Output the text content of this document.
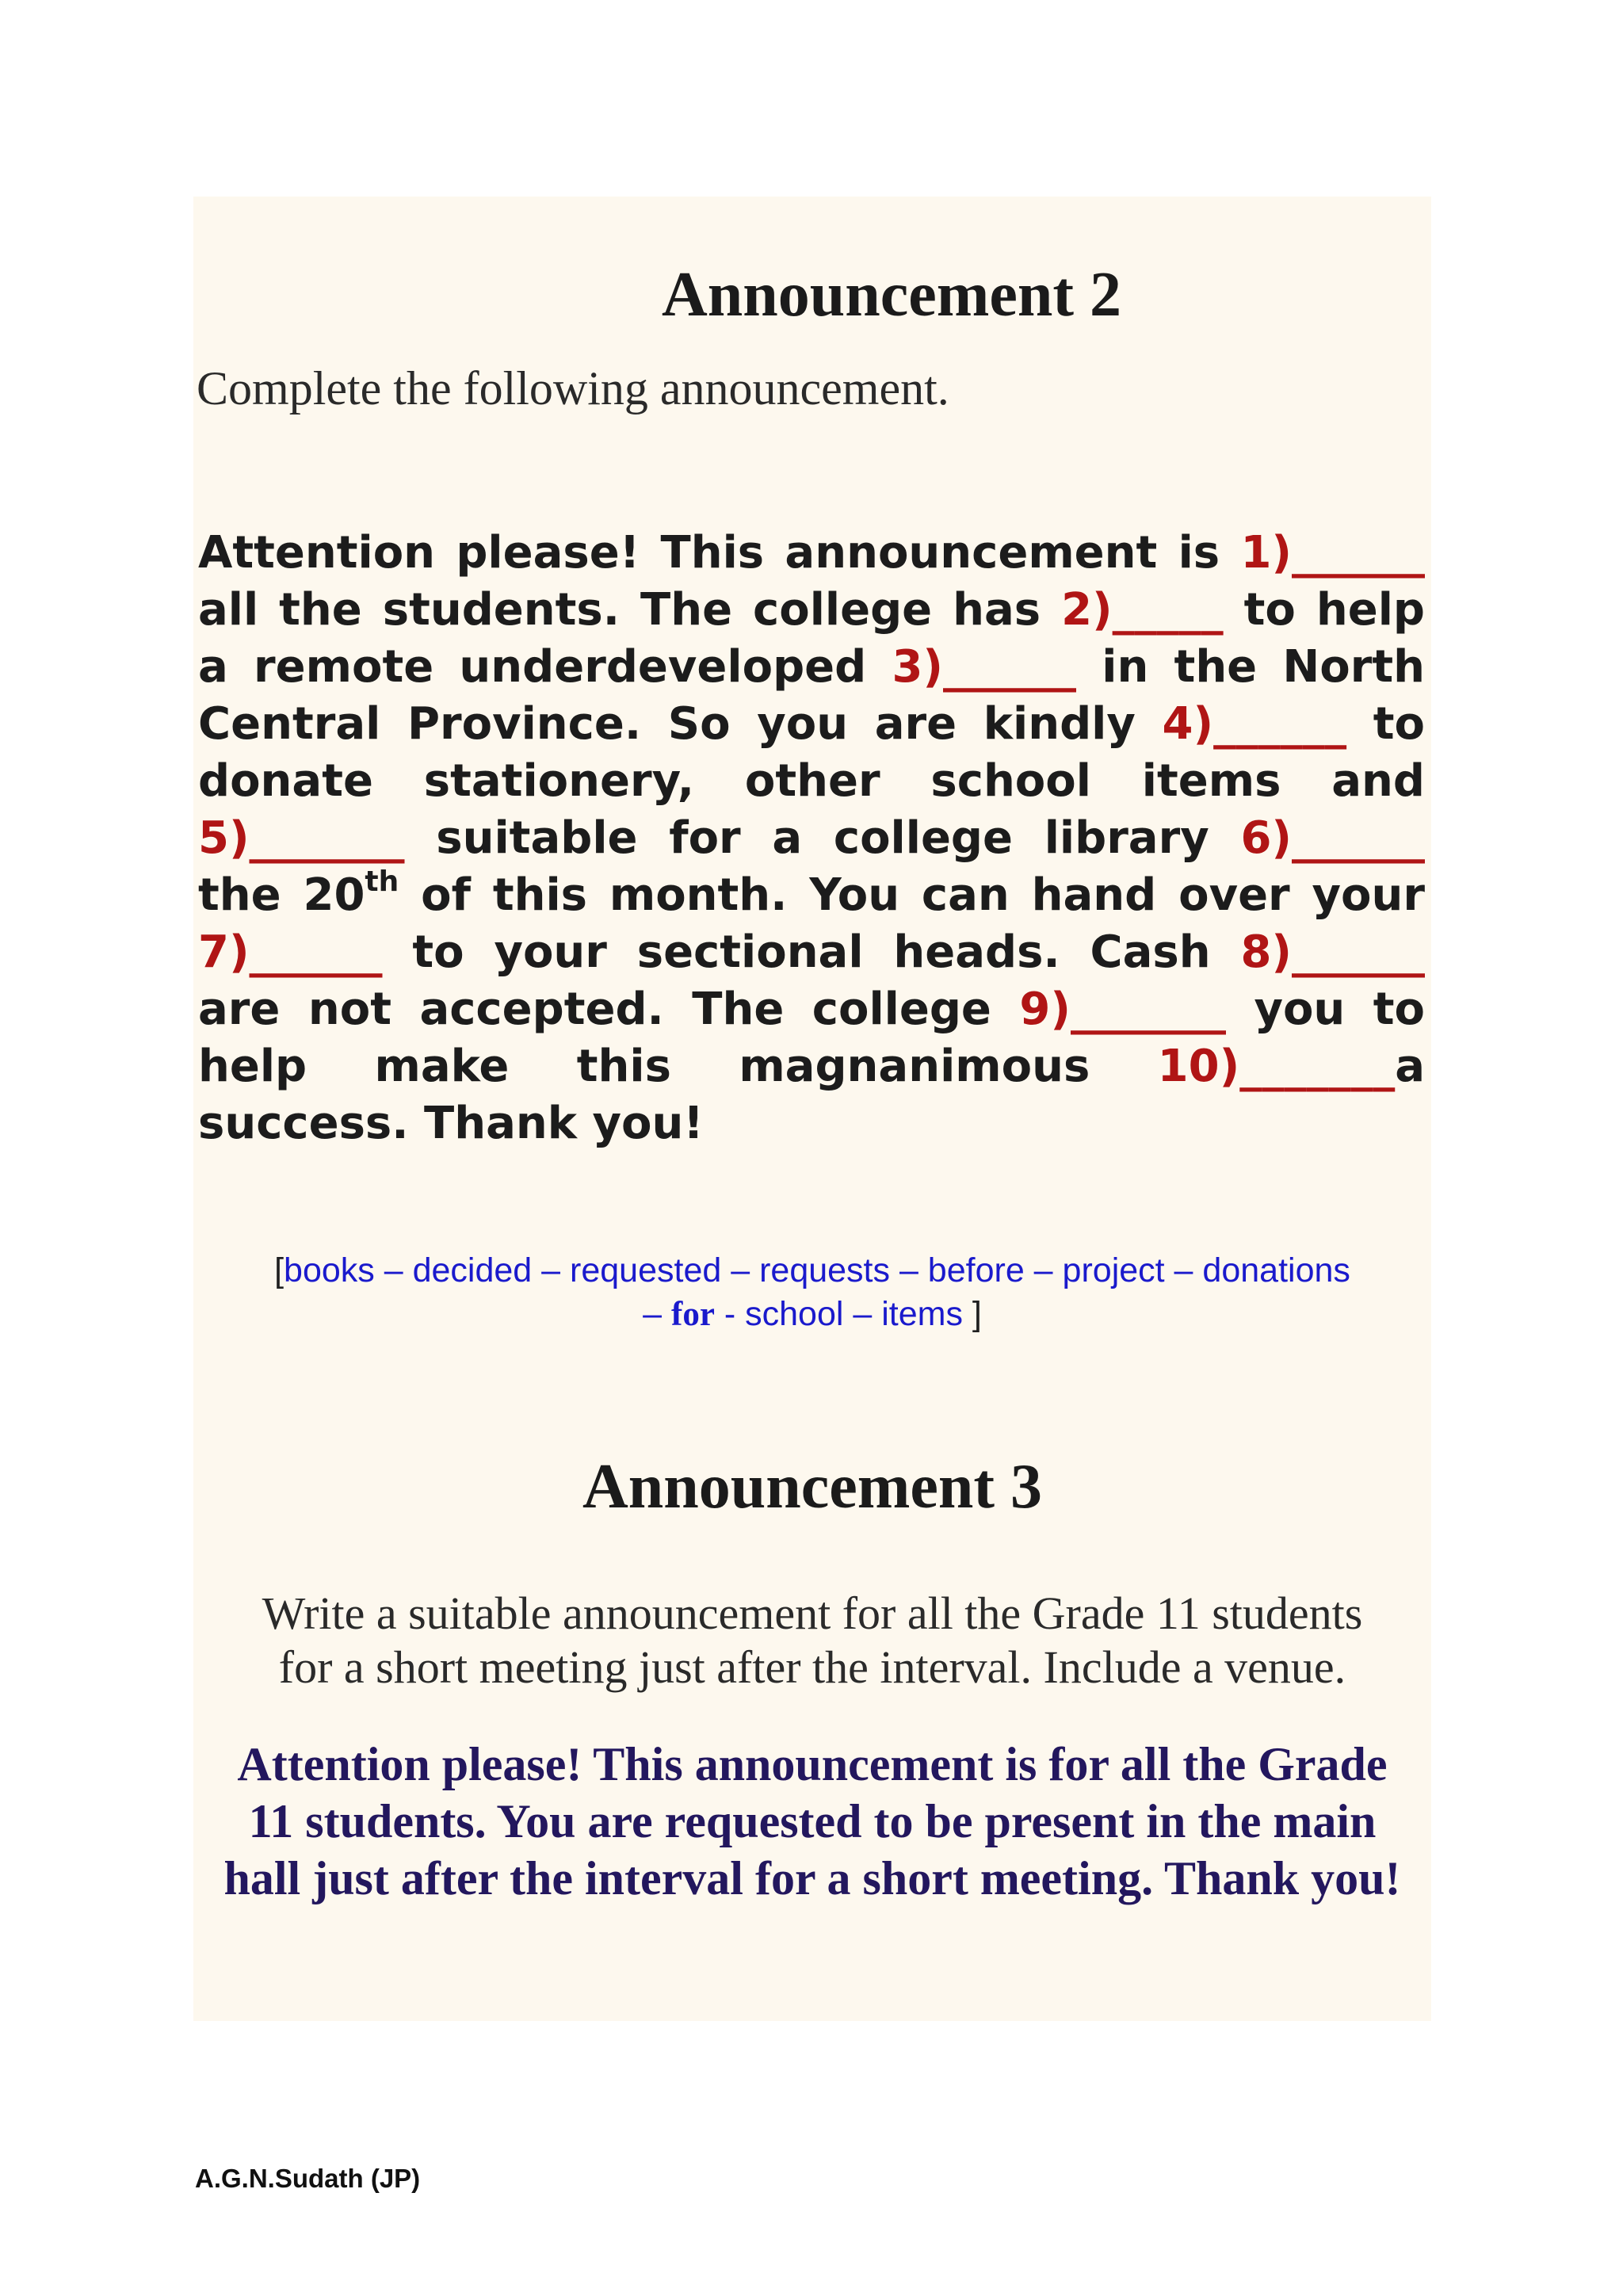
Announcement 2
Complete the following announcement.
Attention please! This announcement is 1)______ all the students. The college has 2)_____ to help a remote underdeveloped 3)______ in the North Central Province. So you are kindly 4)______ to donate stationery, other school items and 5)_______ suitable for a college library 6)______ the 20th of this month. You can hand over your 7)______ to your sectional heads. Cash 8)______ are not accepted. The college 9)_______ you to help make this magnanimous 10)_______a success. Thank you!
[books – decided – requested – requests – before – project – donations
– for - school – items ]
Announcement 3
Write a suitable announcement for all the Grade 11 students
for a short meeting just after the interval. Include a venue.
Attention please! This announcement is for all the Grade
11 students. You are requested to be present in the main
hall just after the interval for a short meeting. Thank you!
A.G.N.Sudath (JP)
